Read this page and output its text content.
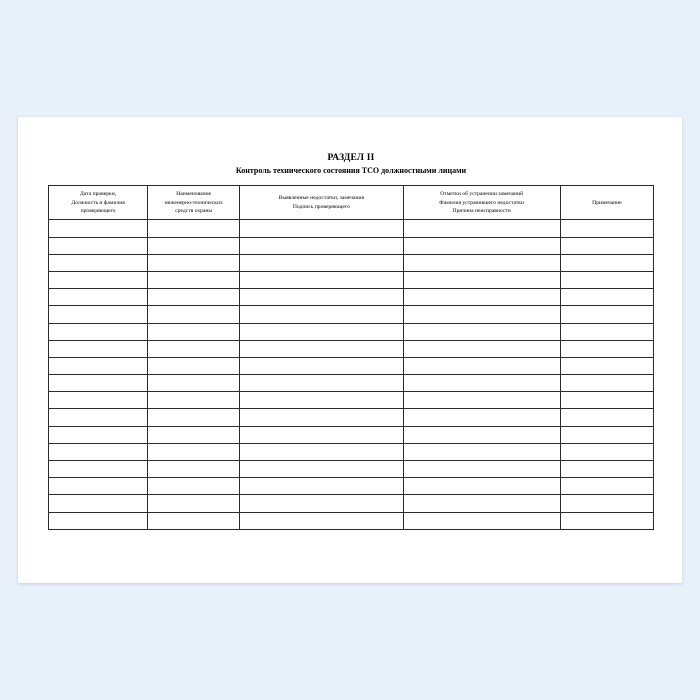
РАЗДЕЛ II
Контроль технического состояния ТСО должностными лицами
Дата проверки,
Должность и фамилия
проверяющего	Наименование
инженерно-технических
средств охраны	Выявленные недостатки, замечания
Подпись проверяющего	Отметки об устранении замечаний
Фамилия устранившего недостатки
Причина неисправности	Примечание
